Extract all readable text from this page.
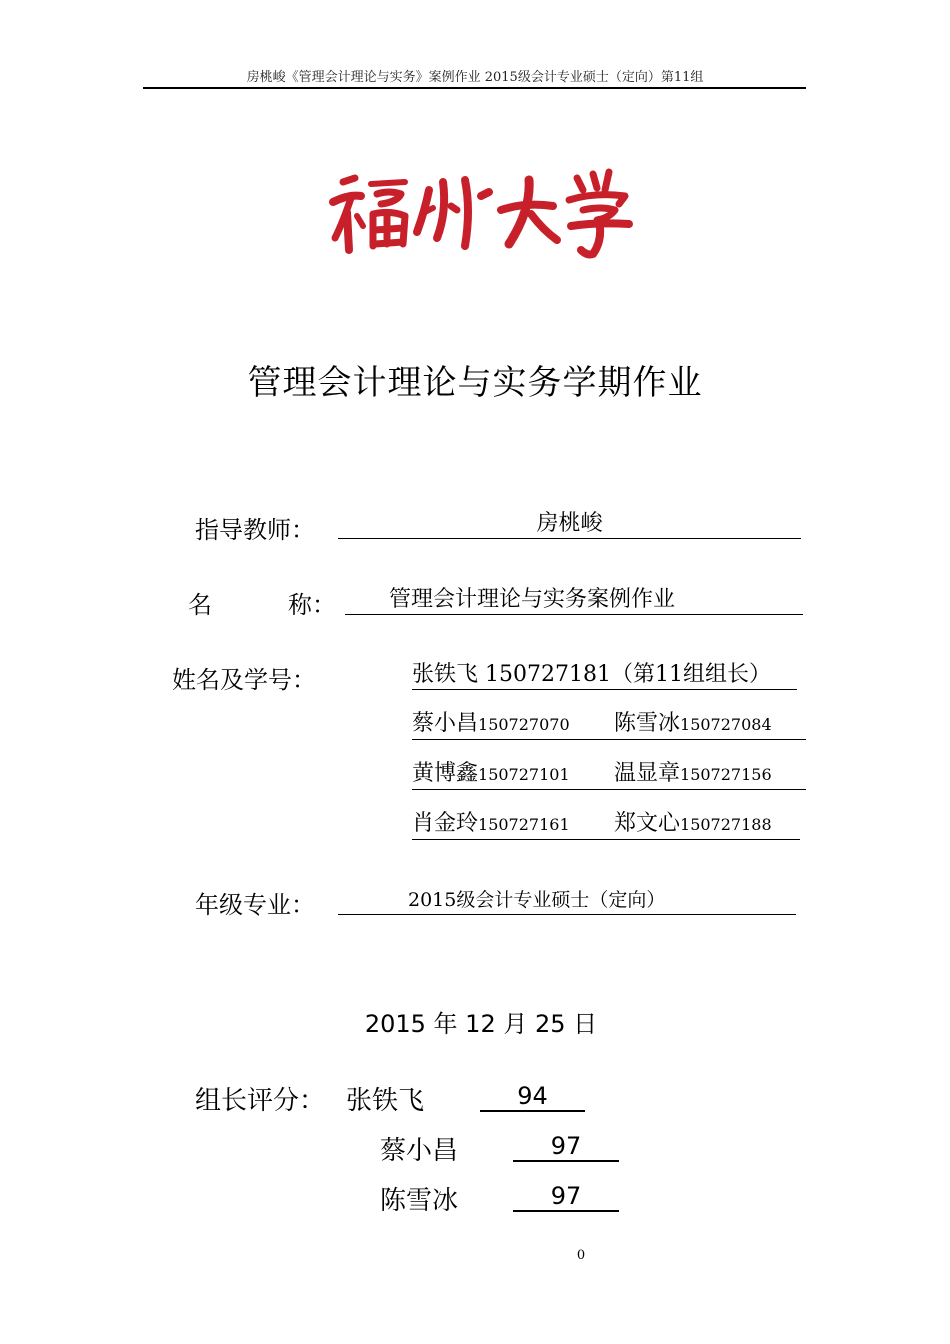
房桃峻《管理会计理论与实务》案例作业 2015级会计专业硕士（定向）第11组
管理会计理论与实务学期作业
指导教师：	房桃峻
名	称：	管理会计理论与实务案例作业
姓名及学号：	张铁飞 150727181（第11组组长）
蔡小昌150727070 陈雪冰150727084
黄博鑫150727101 温显章150727156
肖金玲150727161 郑文心150727188
年级专业：	2015级会计专业硕士（定向）
2015 年 12 月 25 日
组长评分： 张铁飞	94
蔡小昌	97
陈雪冰	97
0
